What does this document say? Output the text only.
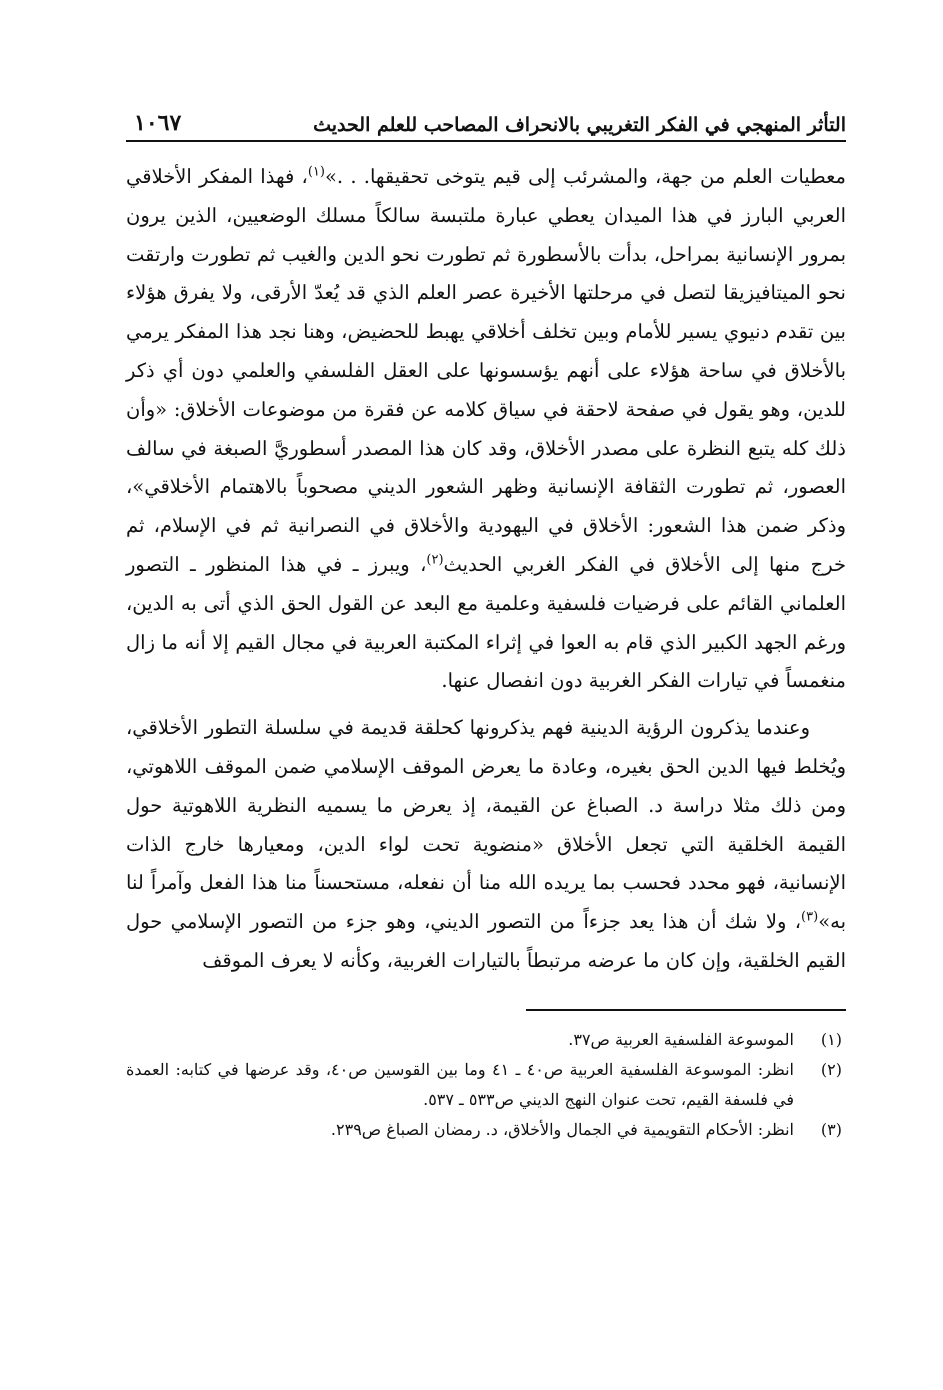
التأثر المنهجي في الفكر التغريبي بالانحراف المصاحب للعلم الحديث
١٠٦٧

معطيات العلم من جهة، والمشرئب إلى قيم يتوخى تحقيقها. . .»$^{(١)}$، فهذا المفكر الأخلاقي العربي البارز في هذا الميدان يعطي عبارة ملتبسة سالكاً مسلك الوضعيين، الذين يرون بمرور الإنسانية بمراحل، بدأت بالأسطورة ثم تطورت نحو الدين والغيب ثم تطورت وارتقت نحو الميتافيزيقا لتصل في مرحلتها الأخيرة عصر العلم الذي قد يُعدّ الأرقى، ولا يفرق هؤلاء بين تقدم دنيوي يسير للأمام وبين تخلف أخلاقي يهبط للحضيض، وهنا نجد هذا المفكر يرمي بالأخلاق في ساحة هؤلاء على أنهم يؤسسونها على العقل الفلسفي والعلمي دون أي ذكر للدين، وهو يقول في صفحة لاحقة في سياق كلامه عن فقرة من موضوعات الأخلاق: «وأن ذلك كله يتبع النظرة على مصدر الأخلاق، وقد كان هذا المصدر أسطوريَّ الصبغة في سالف العصور، ثم تطورت الثقافة الإنسانية وظهر الشعور الديني مصحوباً بالاهتمام الأخلاقي»، وذكر ضمن هذا الشعور: الأخلاق في اليهودية والأخلاق في النصرانية ثم في الإسلام، ثم خرج منها إلى الأخلاق في الفكر الغربي الحديث$^{(٢)}$، ويبرز ـ في هذا المنظور ـ التصور العلماني القائم على فرضيات فلسفية وعلمية مع البعد عن القول الحق الذي أتى به الدين، ورغم الجهد الكبير الذي قام به العوا في إثراء المكتبة العربية في مجال القيم إلا أنه ما زال منغمساً في تيارات الفكر الغربية دون انفصال عنها.

وعندما يذكرون الرؤية الدينية فهم يذكرونها كحلقة قديمة في سلسلة التطور الأخلاقي، ويُخلط فيها الدين الحق بغيره، وعادة ما يعرض الموقف الإسلامي ضمن الموقف اللاهوتي، ومن ذلك مثلا دراسة د. الصباغ عن القيمة، إذ يعرض ما يسميه النظرية اللاهوتية حول القيمة الخلقية التي تجعل الأخلاق «منضوية تحت لواء الدين، ومعيارها خارج الذات الإنسانية، فهو محدد فحسب بما يريده الله منا أن نفعله، مستحسناً منا هذا الفعل وآمراً لنا به»$^{(٣)}$، ولا شك أن هذا يعد جزءاً من التصور الديني، وهو جزء من التصور الإسلامي حول القيم الخلقية، وإن كان ما عرضه مرتبطاً بالتيارات الغربية، وكأنه لا يعرف الموقف

(١)
الموسوعة الفلسفية العربية ص٣٧.
(٢)
انظر: الموسوعة الفلسفية العربية ص٤٠ ـ ٤١ وما بين القوسين ص٤٠، وقد عرضها في كتابه: العمدة في فلسفة القيم، تحت عنوان النهج الديني ص٥٣٣ ـ ٥٣٧.
(٣)
انظر: الأحكام التقويمية في الجمال والأخلاق، د. رمضان الصباغ ص٢٣٩.
